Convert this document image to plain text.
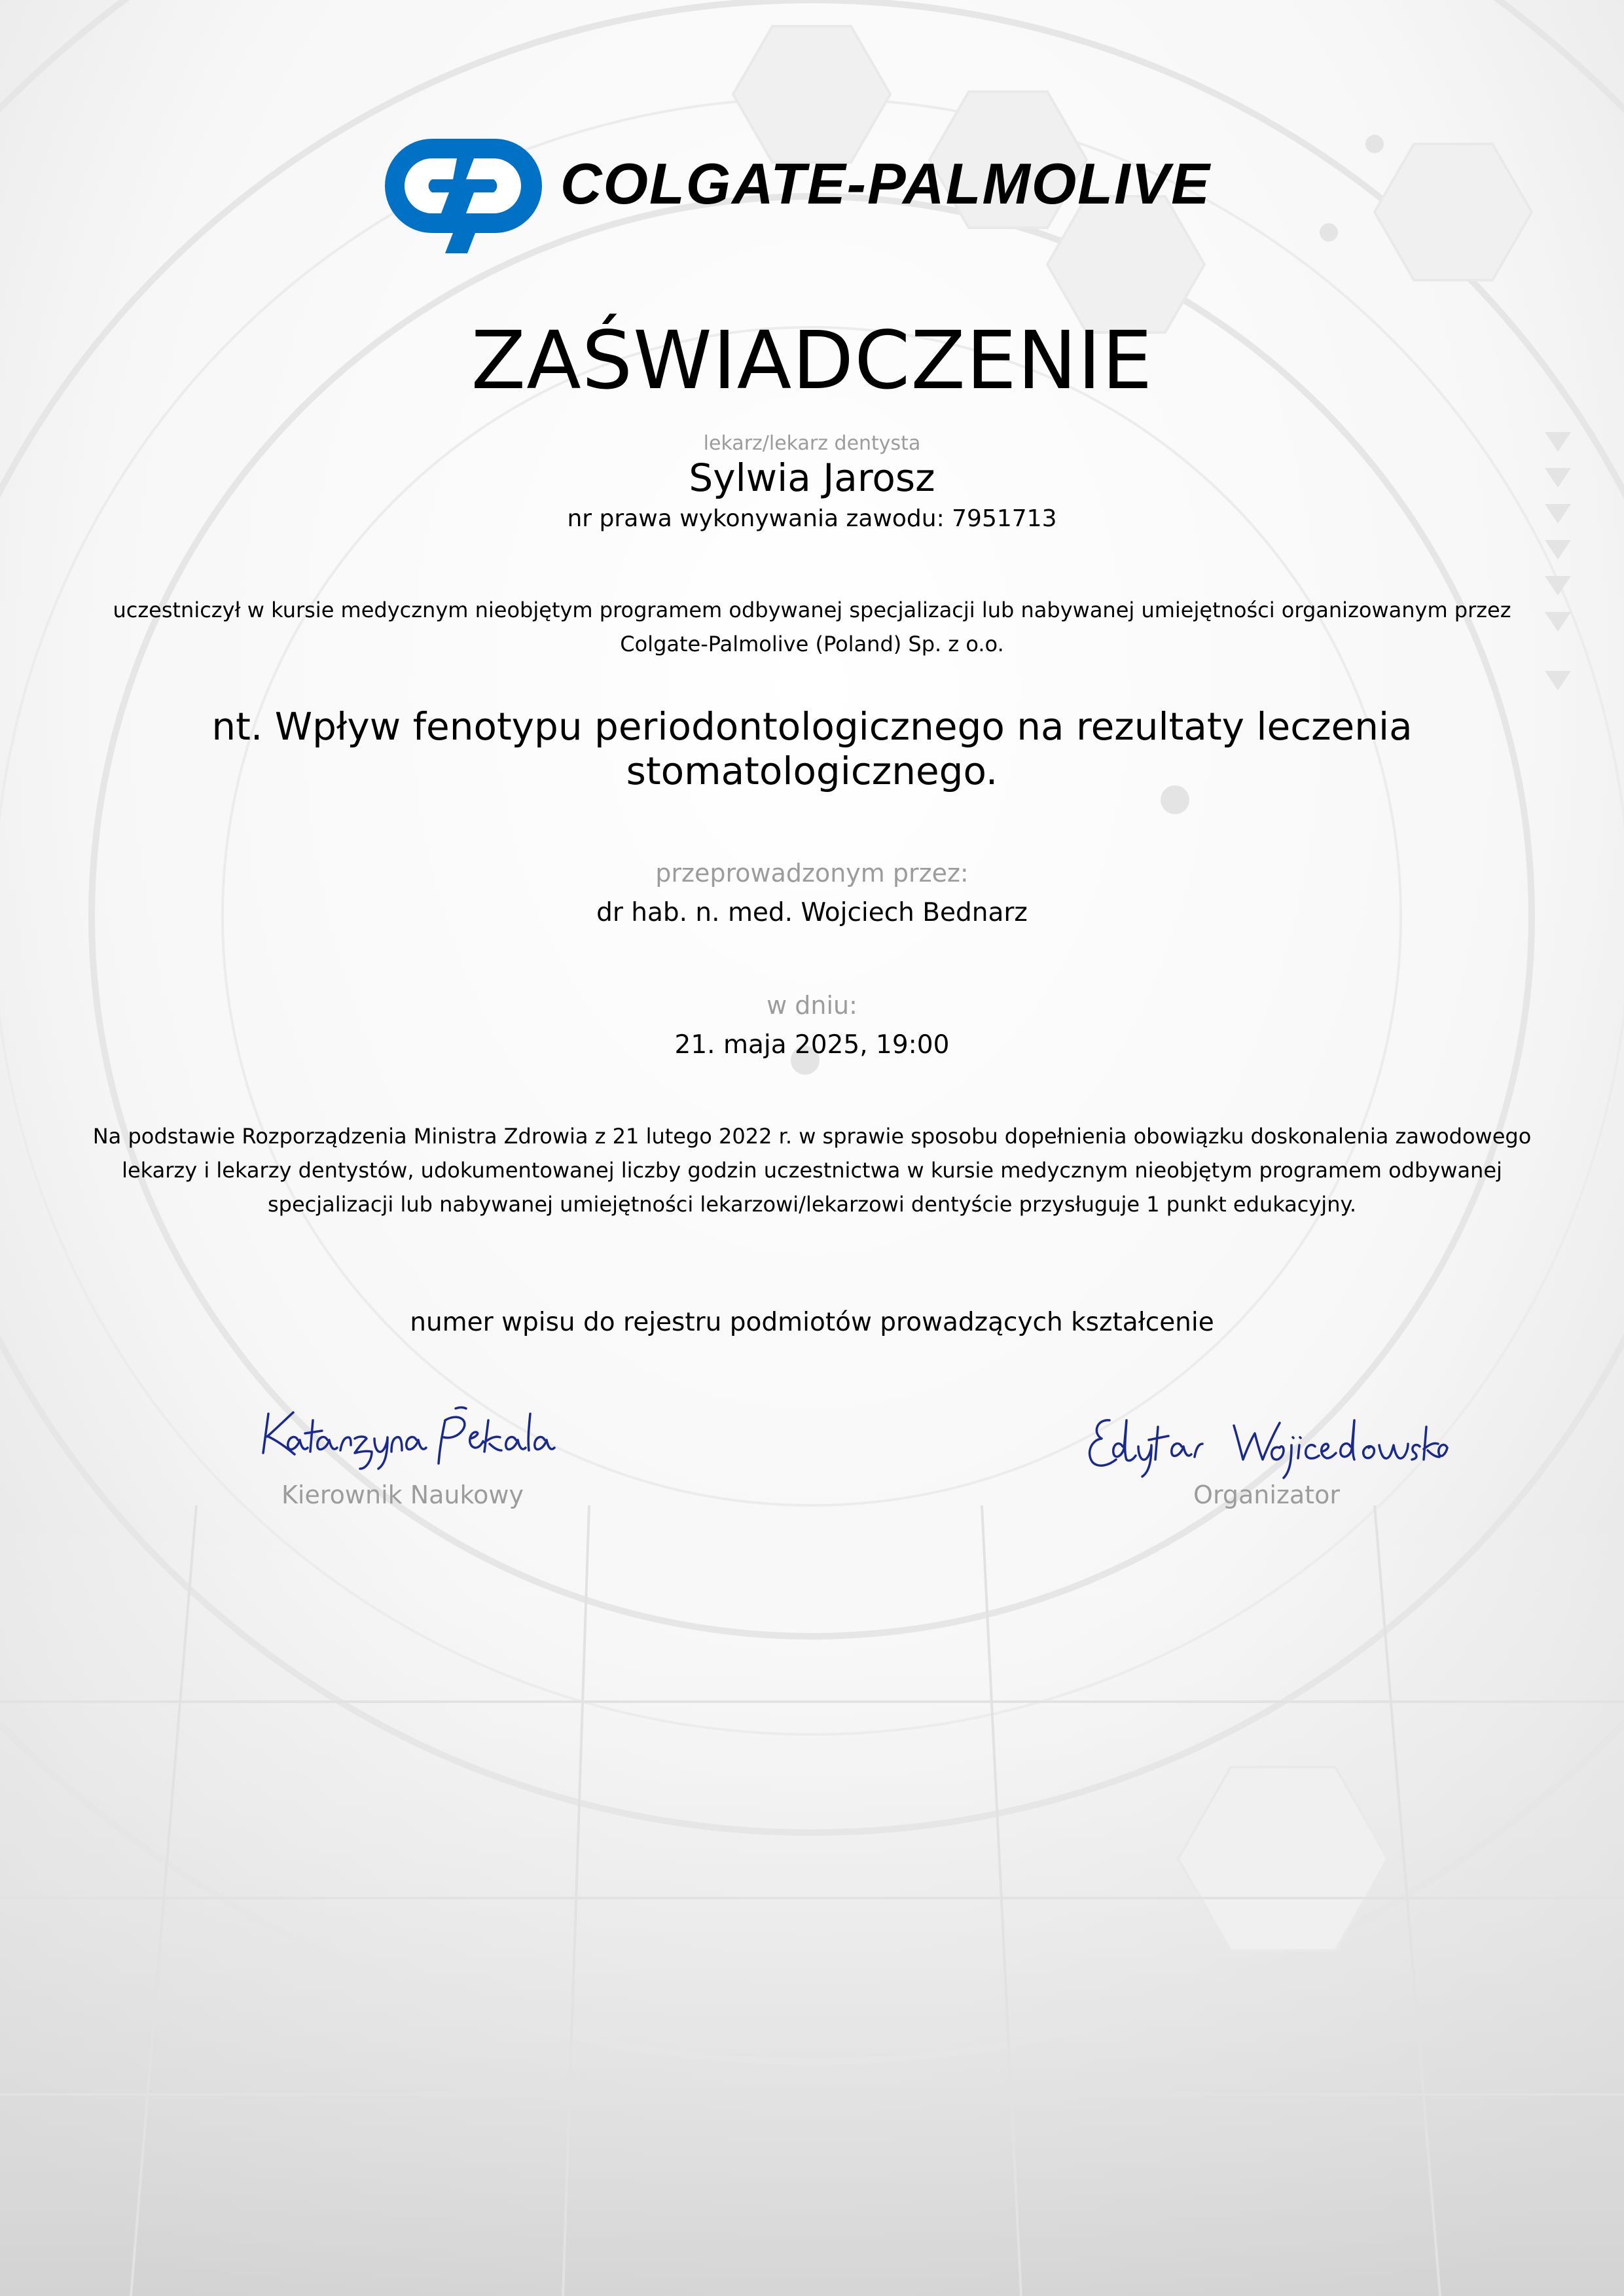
COLGATE-PALMOLIVE
ZAŚWIADCZENIE
lekarz/lekarz dentysta
Sylwia Jarosz
nr prawa wykonywania zawodu: 7951713
uczestniczył w kursie medycznym nieobjętym programem odbywanej specjalizacji lub nabywanej umiejętności organizowanym przez
Colgate-Palmolive (Poland) Sp. z o.o.
nt. Wpływ fenotypu periodontologicznego na rezultaty leczenia
stomatologicznego.
przeprowadzonym przez:
dr hab. n. med. Wojciech Bednarz
w dniu:
21. maja 2025, 19:00
Na podstawie Rozporządzenia Ministra Zdrowia z 21 lutego 2022 r. w sprawie sposobu dopełnienia obowiązku doskonalenia zawodowego
lekarzy i lekarzy dentystów, udokumentowanej liczby godzin uczestnictwa w kursie medycznym nieobjętym programem odbywanej
specjalizacji lub nabywanej umiejętności lekarzowi/lekarzowi dentyście przysługuje 1 punkt edukacyjny.
numer wpisu do rejestru podmiotów prowadzących kształcenie
Kierownik Naukowy	Organizator
